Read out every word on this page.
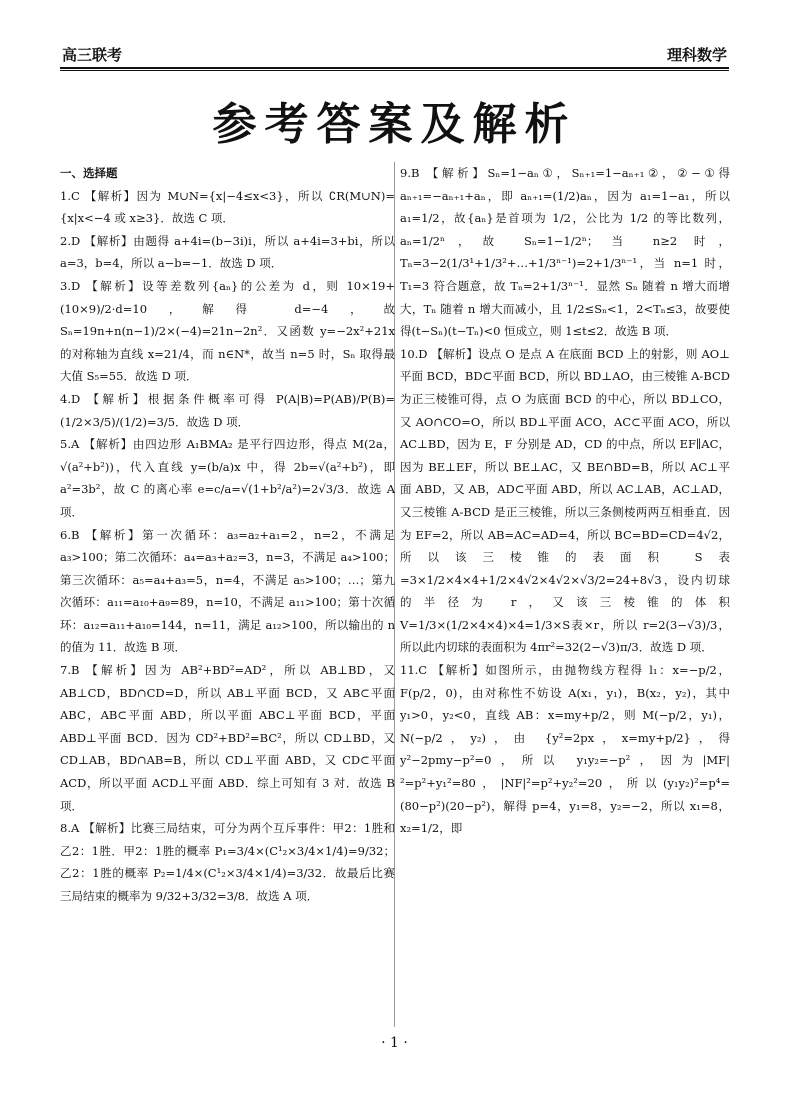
高三联考	理科数学
参考答案及解析

一、选择题

1.C 【解析】因为 M∪N={x|−4≤x<3}，所以 ∁R(M∪N)={x|x<−4 或 x≥3}．故选 C 项．

2.D 【解析】由题得 a+4i=(b−3i)i，所以 a+4i=3+bi，所以 a=3，b=4，所以 a−b=−1．故选 D 项．

3.D 【解析】设等差数列{aₙ}的公差为 d，则 10×19+(10×9)/2·d=10，解得 d=−4，故 Sₙ=19n+n(n−1)/2×(−4)=21n−2n²．又函数 y=−2x²+21x 的对称轴为直线 x=21/4，而 n∈N*，故当 n=5 时，Sₙ 取得最大值 S₅=55．故选 D 项．

4.D 【解析】根据条件概率可得 P(A|B)=P(AB)/P(B)=(1/2×3/5)/(1/2)=3/5．故选 D 项．

5.A 【解析】由四边形 A₁BMA₂ 是平行四边形，得点 M(2a，√(a²+b²))，代入直线 y=(b/a)x 中，得 2b=√(a²+b²)，即 a²=3b²，故 C 的离心率 e=c/a=√(1+b²/a²)=2√3/3．故选 A 项．

6.B 【解析】第一次循环：a₃=a₂+a₁=2，n=2，不满足 a₃>100；第二次循环：a₄=a₃+a₂=3，n=3，不满足 a₄>100；第三次循环：a₅=a₄+a₃=5，n=4，不满足 a₅>100；…；第九次循环：a₁₁=a₁₀+a₉=89，n=10，不满足 a₁₁>100；第十次循环：a₁₂=a₁₁+a₁₀=144，n=11，满足 a₁₂>100，所以输出的 n 的值为 11．故选 B 项．

7.B 【解析】因为 AB²+BD²=AD²，所以 AB⊥BD，又 AB⊥CD，BD∩CD=D，所以 AB⊥平面 BCD，又 AB⊂平面 ABC，AB⊂平面 ABD，所以平面 ABC⊥平面 BCD，平面 ABD⊥平面 BCD．因为 CD²+BD²=BC²，所以 CD⊥BD，又 CD⊥AB，BD∩AB=B，所以 CD⊥平面 ABD，又 CD⊂平面 ACD，所以平面 ACD⊥平面 ABD．综上可知有 3 对．故选 B 项．

8.A 【解析】比赛三局结束，可分为两个互斥事件：甲2：1胜和乙2：1胜．甲2：1胜的概率 P₁=3/4×(C¹₂×3/4×1/4)=9/32；乙2：1胜的概率 P₂=1/4×(C¹₂×3/4×1/4)=3/32．故最后比赛三局结束的概率为 9/32+3/32=3/8．故选 A 项．

9.B 【解析】Sₙ=1−aₙ①，Sₙ₊₁=1−aₙ₊₁②，②−①得 aₙ₊₁=−aₙ₊₁+aₙ，即 aₙ₊₁=(1/2)aₙ，因为 a₁=1−a₁，所以 a₁=1/2，故{aₙ}是首项为 1/2，公比为 1/2 的等比数列，aₙ=1/2ⁿ，故 Sₙ=1−1/2ⁿ；当 n≥2 时，Tₙ=3−2(1/3¹+1/3²+…+1/3ⁿ⁻¹)=2+1/3ⁿ⁻¹，当 n=1 时，T₁=3 符合题意，故 Tₙ=2+1/3ⁿ⁻¹．显然 Sₙ 随着 n 增大而增大，Tₙ 随着 n 增大而减小，且 1/2≤Sₙ<1，2<Tₙ≤3，故要使得(t−Sₙ)(t−Tₙ)<0 恒成立，则 1≤t≤2．故选 B 项．

10.D 【解析】设点 O 是点 A 在底面 BCD 上的射影，则 AO⊥平面 BCD，BD⊂平面 BCD，所以 BD⊥AO，由三棱锥 A-BCD 为正三棱锥可得，点 O 为底面 BCD 的中心，所以 BD⊥CO，又 AO∩CO=O，所以 BD⊥平面 ACO，AC⊂平面 ACO，所以 AC⊥BD，因为 E，F 分别是 AD，CD 的中点，所以 EF∥AC，因为 BE⊥EF，所以 BE⊥AC，又 BE∩BD=B，所以 AC⊥平面 ABD，又 AB，AD⊂平面 ABD，所以 AC⊥AB，AC⊥AD，又三棱锥 A-BCD 是正三棱锥，所以三条侧棱两两互相垂直．因为 EF=2，所以 AB=AC=AD=4，所以 BC=BD=CD=4√2，所以该三棱锥的表面积 S表=3×1/2×4×4+1/2×4√2×4√2×√3/2=24+8√3，设内切球的半径为 r，又该三棱锥的体积 V=1/3×(1/2×4×4)×4=1/3×S表×r，所以 r=2(3−√3)/3，所以此内切球的表面积为 4πr²=32(2−√3)π/3．故选 D 项．

11.C 【解析】如图所示，由抛物线方程得 l₁：x=−p/2，F(p/2，0)，由对称性不妨设 A(x₁，y₁)，B(x₂，y₂)，其中 y₁>0，y₂<0，直线 AB：x=my+p/2，则 M(−p/2，y₁)，N(−p/2，y₂)，由 {y²=2px，x=my+p/2}，得 y²−2pmy−p²=0，所以 y₁y₂=−p²，因为|MF|²=p²+y₁²=80，|NF|²=p²+y₂²=20，所以(y₁y₂)²=p⁴=(80−p²)(20−p²)，解得 p=4，y₁=8，y₂=−2，所以 x₁=8，x₂=1/2，即

· 1 ·
